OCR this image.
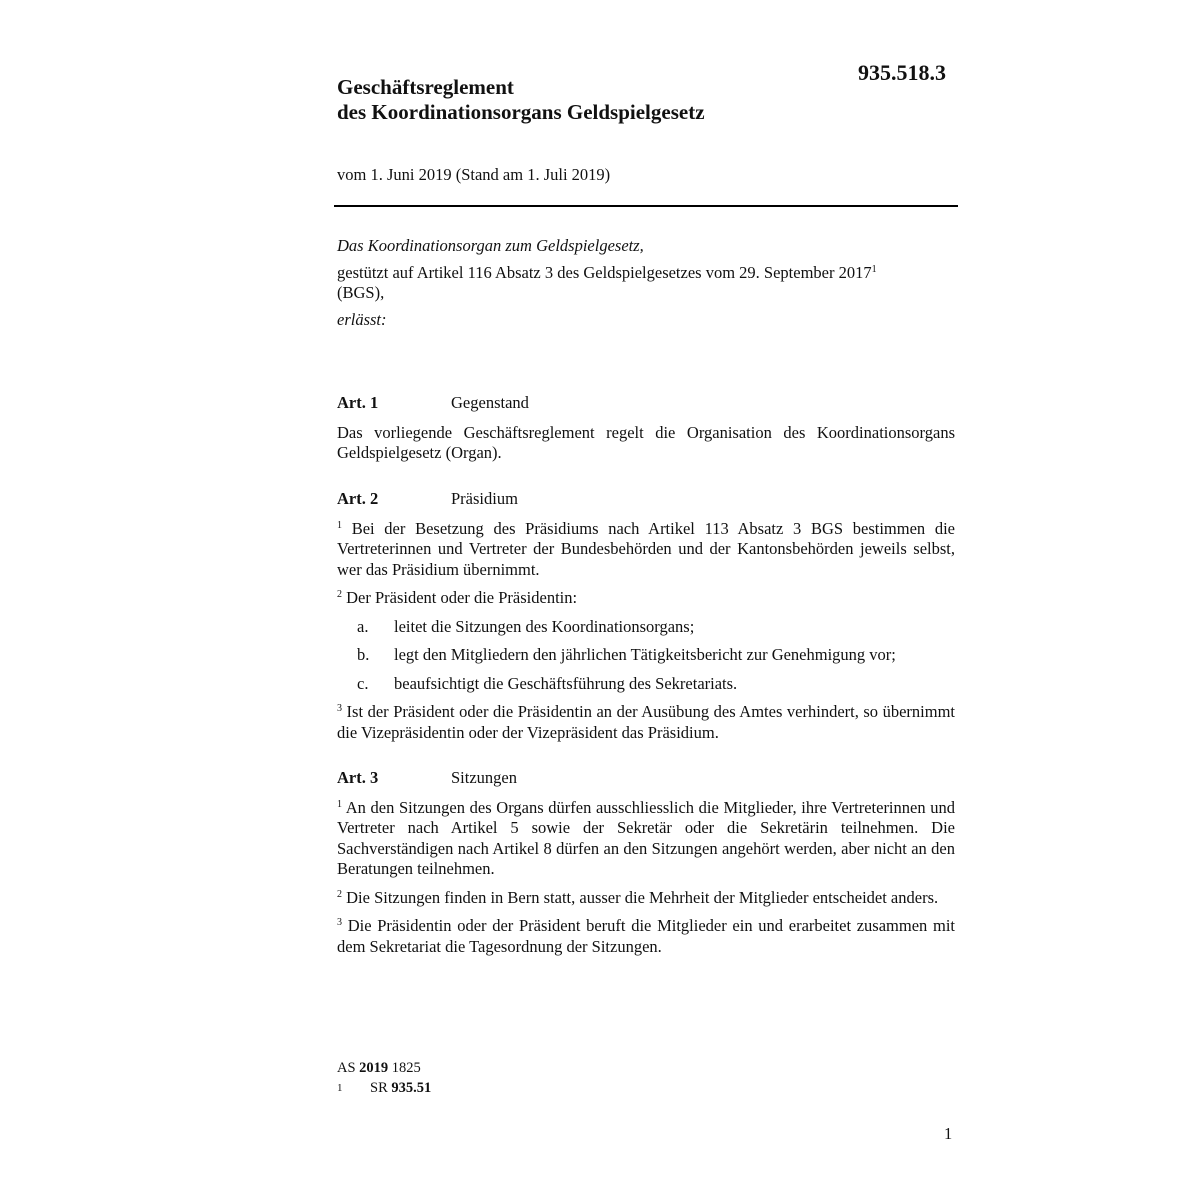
935.518.3
Geschäftsreglement
des Koordinationsorgans Geldspielgesetz
vom 1. Juni 2019 (Stand am 1. Juli 2019)
Das Koordinationsorgan zum Geldspielgesetz,
gestützt auf Artikel 116 Absatz 3 des Geldspielgesetzes vom 29. September 2017$^1$
(BGS),
erlässt:
Art. 1	Gegenstand
Das vorliegende Geschäftsreglement regelt die Organisation des Koordinationsorgans Geldspielgesetz (Organ).
Art. 2	Präsidium
$^1$ Bei der Besetzung des Präsidiums nach Artikel 113 Absatz 3 BGS bestimmen die Vertreterinnen und Vertreter der Bundesbehörden und der Kantonsbehörden jeweils selbst, wer das Präsidium übernimmt.
$^2$ Der Präsident oder die Präsidentin:
a.	leitet die Sitzungen des Koordinationsorgans;
b.	legt den Mitgliedern den jährlichen Tätigkeitsbericht zur Genehmigung vor;
c.	beaufsichtigt die Geschäftsführung des Sekretariats.
$^3$ Ist der Präsident oder die Präsidentin an der Ausübung des Amtes verhindert, so übernimmt die Vizepräsidentin oder der Vizepräsident das Präsidium.
Art. 3	Sitzungen
$^1$ An den Sitzungen des Organs dürfen ausschliesslich die Mitglieder, ihre Vertreterinnen und Vertreter nach Artikel 5 sowie der Sekretär oder die Sekretärin teilnehmen. Die Sachverständigen nach Artikel 8 dürfen an den Sitzungen angehört werden, aber nicht an den Beratungen teilnehmen.
$^2$ Die Sitzungen finden in Bern statt, ausser die Mehrheit der Mitglieder entscheidet anders.
$^3$ Die Präsidentin oder der Präsident beruft die Mitglieder ein und erarbeitet zusammen mit dem Sekretariat die Tagesordnung der Sitzungen.
AS 2019 1825
1	SR 935.51
1
